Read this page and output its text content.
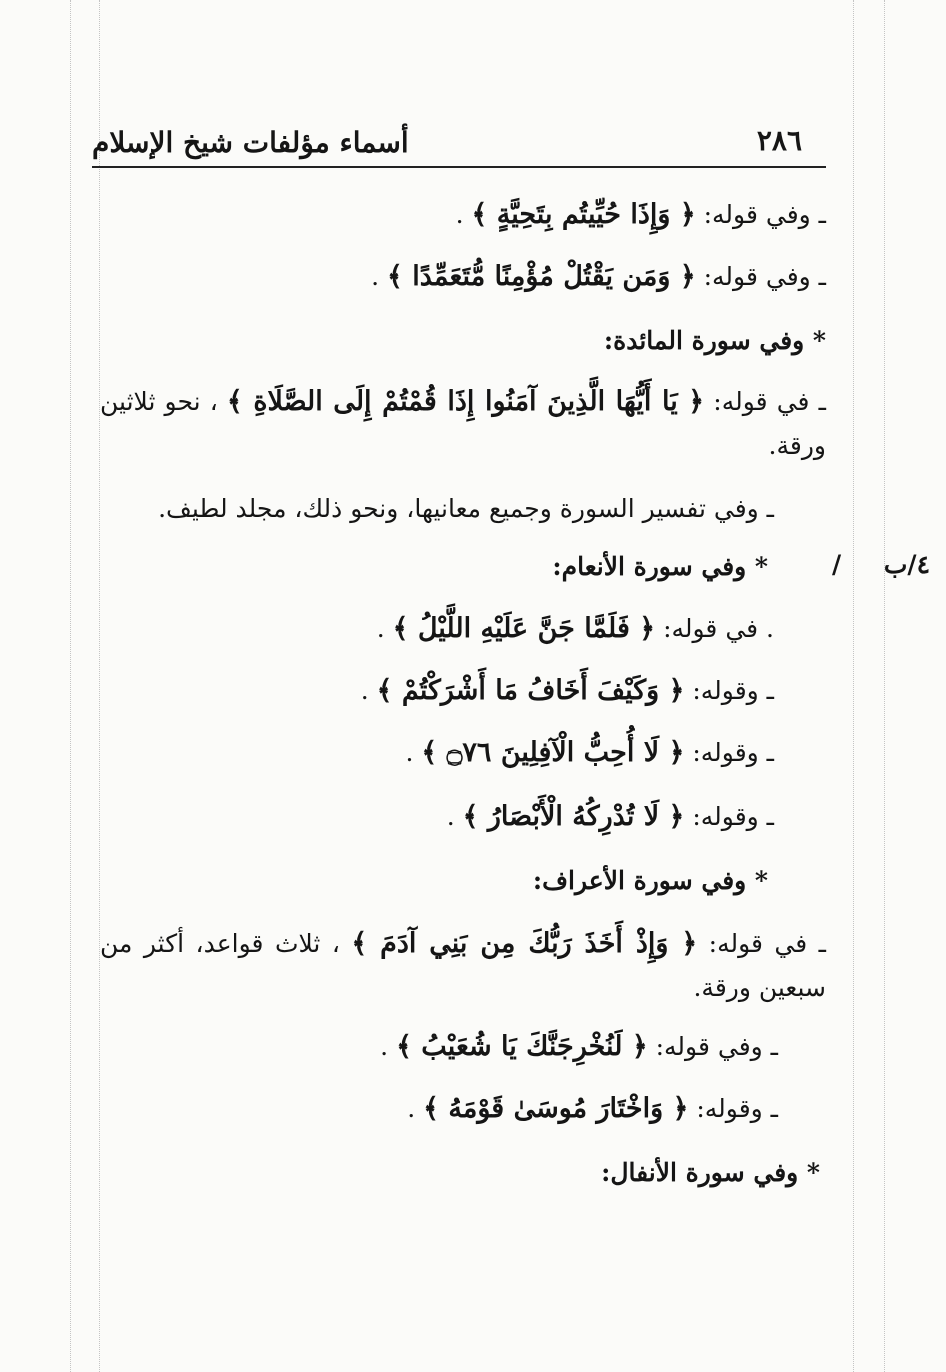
٢٨٦
أسماء مؤلفات شيخ الإسلام
ـ وفي قوله: ﴿ وَإِذَا حُيِّيتُم بِتَحِيَّةٍ ﴾ .
ـ وفي قوله: ﴿ وَمَن يَقْتُلْ مُؤْمِنًا مُّتَعَمِّدًا ﴾ .
* وفي سورة المائدة:
ـ في قوله: ﴿ يَا أَيُّهَا الَّذِينَ آمَنُوا إِذَا قُمْتُمْ إِلَى الصَّلَاةِ ﴾ ، نحو ثلاثين ورقة.
ـ وفي تفسير السورة وجميع معانيها، ونحو ذلك، مجلد لطيف.
* وفي سورة الأنعام:	٤/ب /
. في قوله: ﴿ فَلَمَّا جَنَّ عَلَيْهِ اللَّيْلُ ﴾ .
ـ وقوله: ﴿ وَكَيْفَ أَخَافُ مَا أَشْرَكْتُمْ ﴾ .
ـ وقوله: ﴿ لَا أُحِبُّ الْآفِلِينَ ۝٧٦ ﴾ .
ـ وقوله: ﴿ لَا تُدْرِكُهُ الْأَبْصَارُ ﴾ .
* وفي سورة الأعراف:
ـ في قوله: ﴿ وَإِذْ أَخَذَ رَبُّكَ مِن بَنِي آدَمَ ﴾ ، ثلاث قواعد، أكثر من سبعين ورقة.
ـ وفي قوله: ﴿ لَنُخْرِجَنَّكَ يَا شُعَيْبُ ﴾ .
ـ وقوله: ﴿ وَاخْتَارَ مُوسَىٰ قَوْمَهُ ﴾ .
* وفي سورة الأنفال:
